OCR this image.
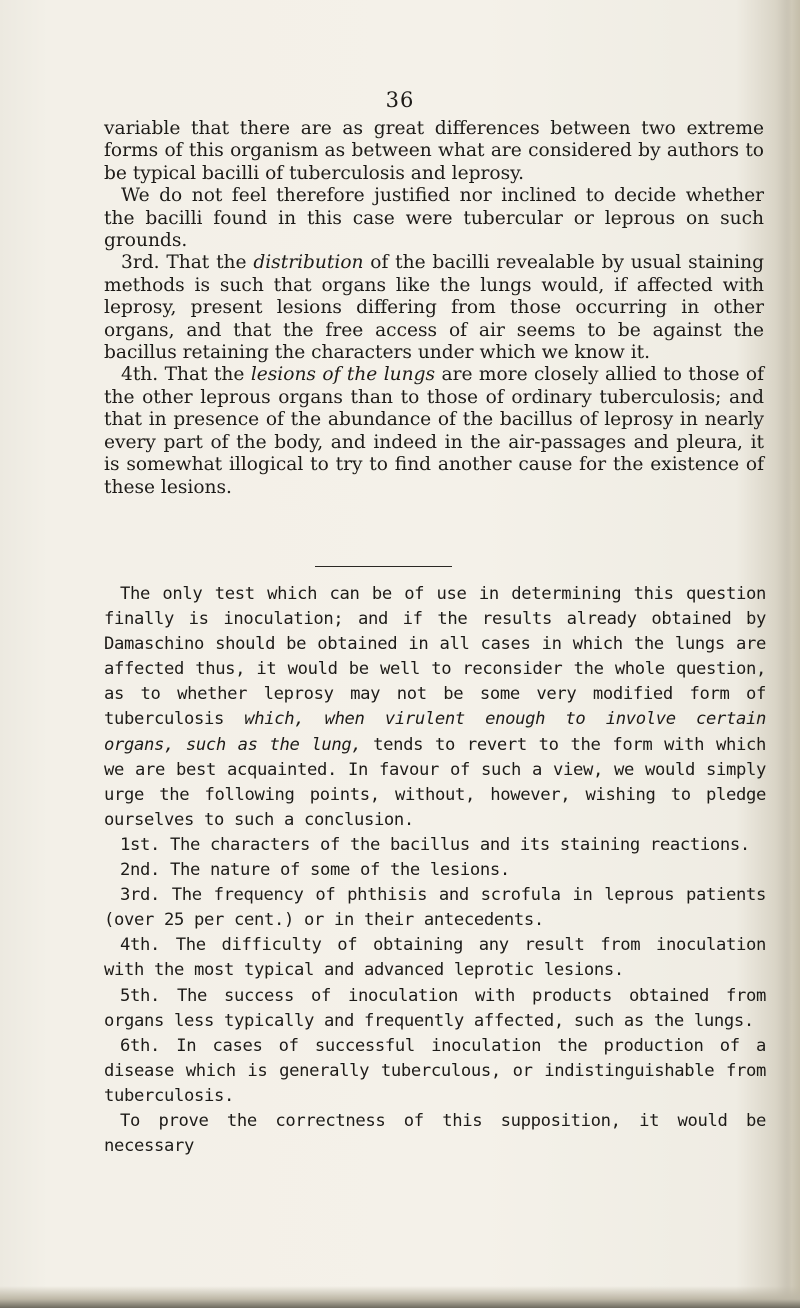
36

variable that there are as great differences between two extreme forms of this organism as between what are considered by authors to be typical bacilli of tuberculosis and leprosy.

We do not feel therefore justified nor inclined to decide whether the bacilli found in this case were tubercular or leprous on such grounds.

3rd. That the distribution of the bacilli revealable by usual staining methods is such that organs like the lungs would, if affected with leprosy, present lesions differing from those occurring in other organs, and that the free access of air seems to be against the bacillus retaining the characters under which we know it.

4th. That the lesions of the lungs are more closely allied to those of the other leprous organs than to those of ordinary tuberculosis; and that in presence of the abundance of the bacillus of leprosy in nearly every part of the body, and indeed in the air-passages and pleura, it is somewhat illogical to try to find another cause for the existence of these lesions.

The only test which can be of use in determining this question finally is inoculation; and if the results already obtained by Damaschino should be obtained in all cases in which the lungs are affected thus, it would be well to reconsider the whole question, as to whether leprosy may not be some very modified form of tuberculosis which, when virulent enough to involve certain organs, such as the lung, tends to revert to the form with which we are best acquainted. In favour of such a view, we would simply urge the following points, without, however, wishing to pledge ourselves to such a conclusion.

1st. The characters of the bacillus and its staining reactions.

2nd. The nature of some of the lesions.

3rd. The frequency of phthisis and scrofula in leprous patients (over 25 per cent.) or in their antecedents.

4th. The difficulty of obtaining any result from inoculation with the most typical and advanced leprotic lesions.

5th. The success of inoculation with products obtained from organs less typically and frequently affected, such as the lungs.

6th. In cases of successful inoculation the production of a disease which is generally tuberculous, or indistinguishable from tuberculosis.

To prove the correctness of this supposition, it would be necessary
